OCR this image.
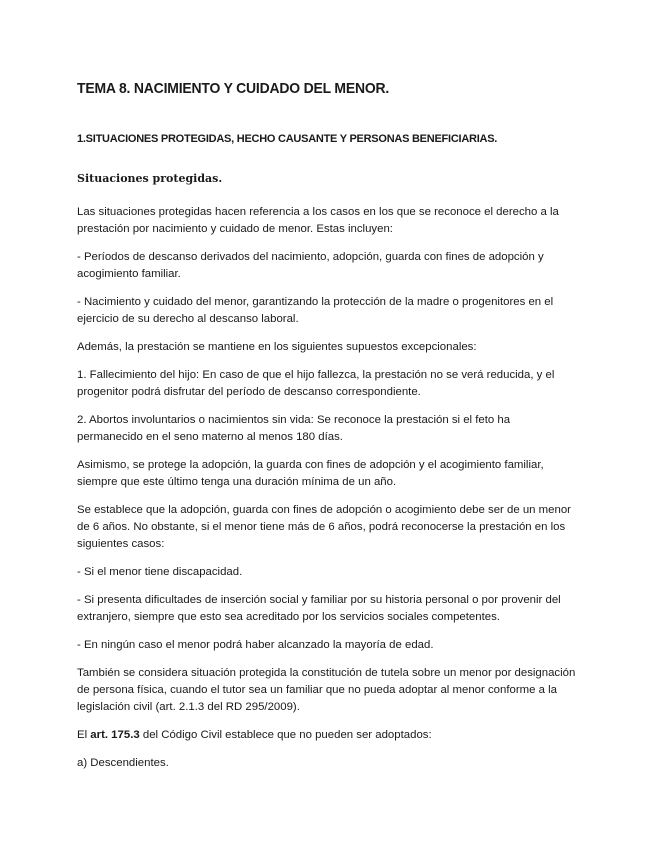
TEMA 8. NACIMIENTO Y CUIDADO DEL MENOR.
1.SITUACIONES PROTEGIDAS, HECHO CAUSANTE Y PERSONAS BENEFICIARIAS.
Situaciones protegidas.

Las situaciones protegidas hacen referencia a los casos en los que se reconoce el derecho a la prestación por nacimiento y cuidado de menor. Estas incluyen:

- Períodos de descanso derivados del nacimiento, adopción, guarda con fines de adopción y acogimiento familiar.

- Nacimiento y cuidado del menor, garantizando la protección de la madre o progenitores en el ejercicio de su derecho al descanso laboral.

Además, la prestación se mantiene en los siguientes supuestos excepcionales:

1. Fallecimiento del hijo: En caso de que el hijo fallezca, la prestación no se verá reducida, y el progenitor podrá disfrutar del período de descanso correspondiente.

2. Abortos involuntarios o nacimientos sin vida: Se reconoce la prestación si el feto ha permanecido en el seno materno al menos 180 días.

Asimismo, se protege la adopción, la guarda con fines de adopción y el acogimiento familiar, siempre que este último tenga una duración mínima de un año.

Se establece que la adopción, guarda con fines de adopción o acogimiento debe ser de un menor de 6 años. No obstante, si el menor tiene más de 6 años, podrá reconocerse la prestación en los siguientes casos:

- Si el menor tiene discapacidad.

- Si presenta dificultades de inserción social y familiar por su historia personal o por provenir del extranjero, siempre que esto sea acreditado por los servicios sociales competentes.

- En ningún caso el menor podrá haber alcanzado la mayoría de edad.

También se considera situación protegida la constitución de tutela sobre un menor por designación de persona física, cuando el tutor sea un familiar que no pueda adoptar al menor conforme a la legislación civil (art. 2.1.3 del RD 295/2009).

El art. 175.3 del Código Civil establece que no pueden ser adoptados:

a) Descendientes.
